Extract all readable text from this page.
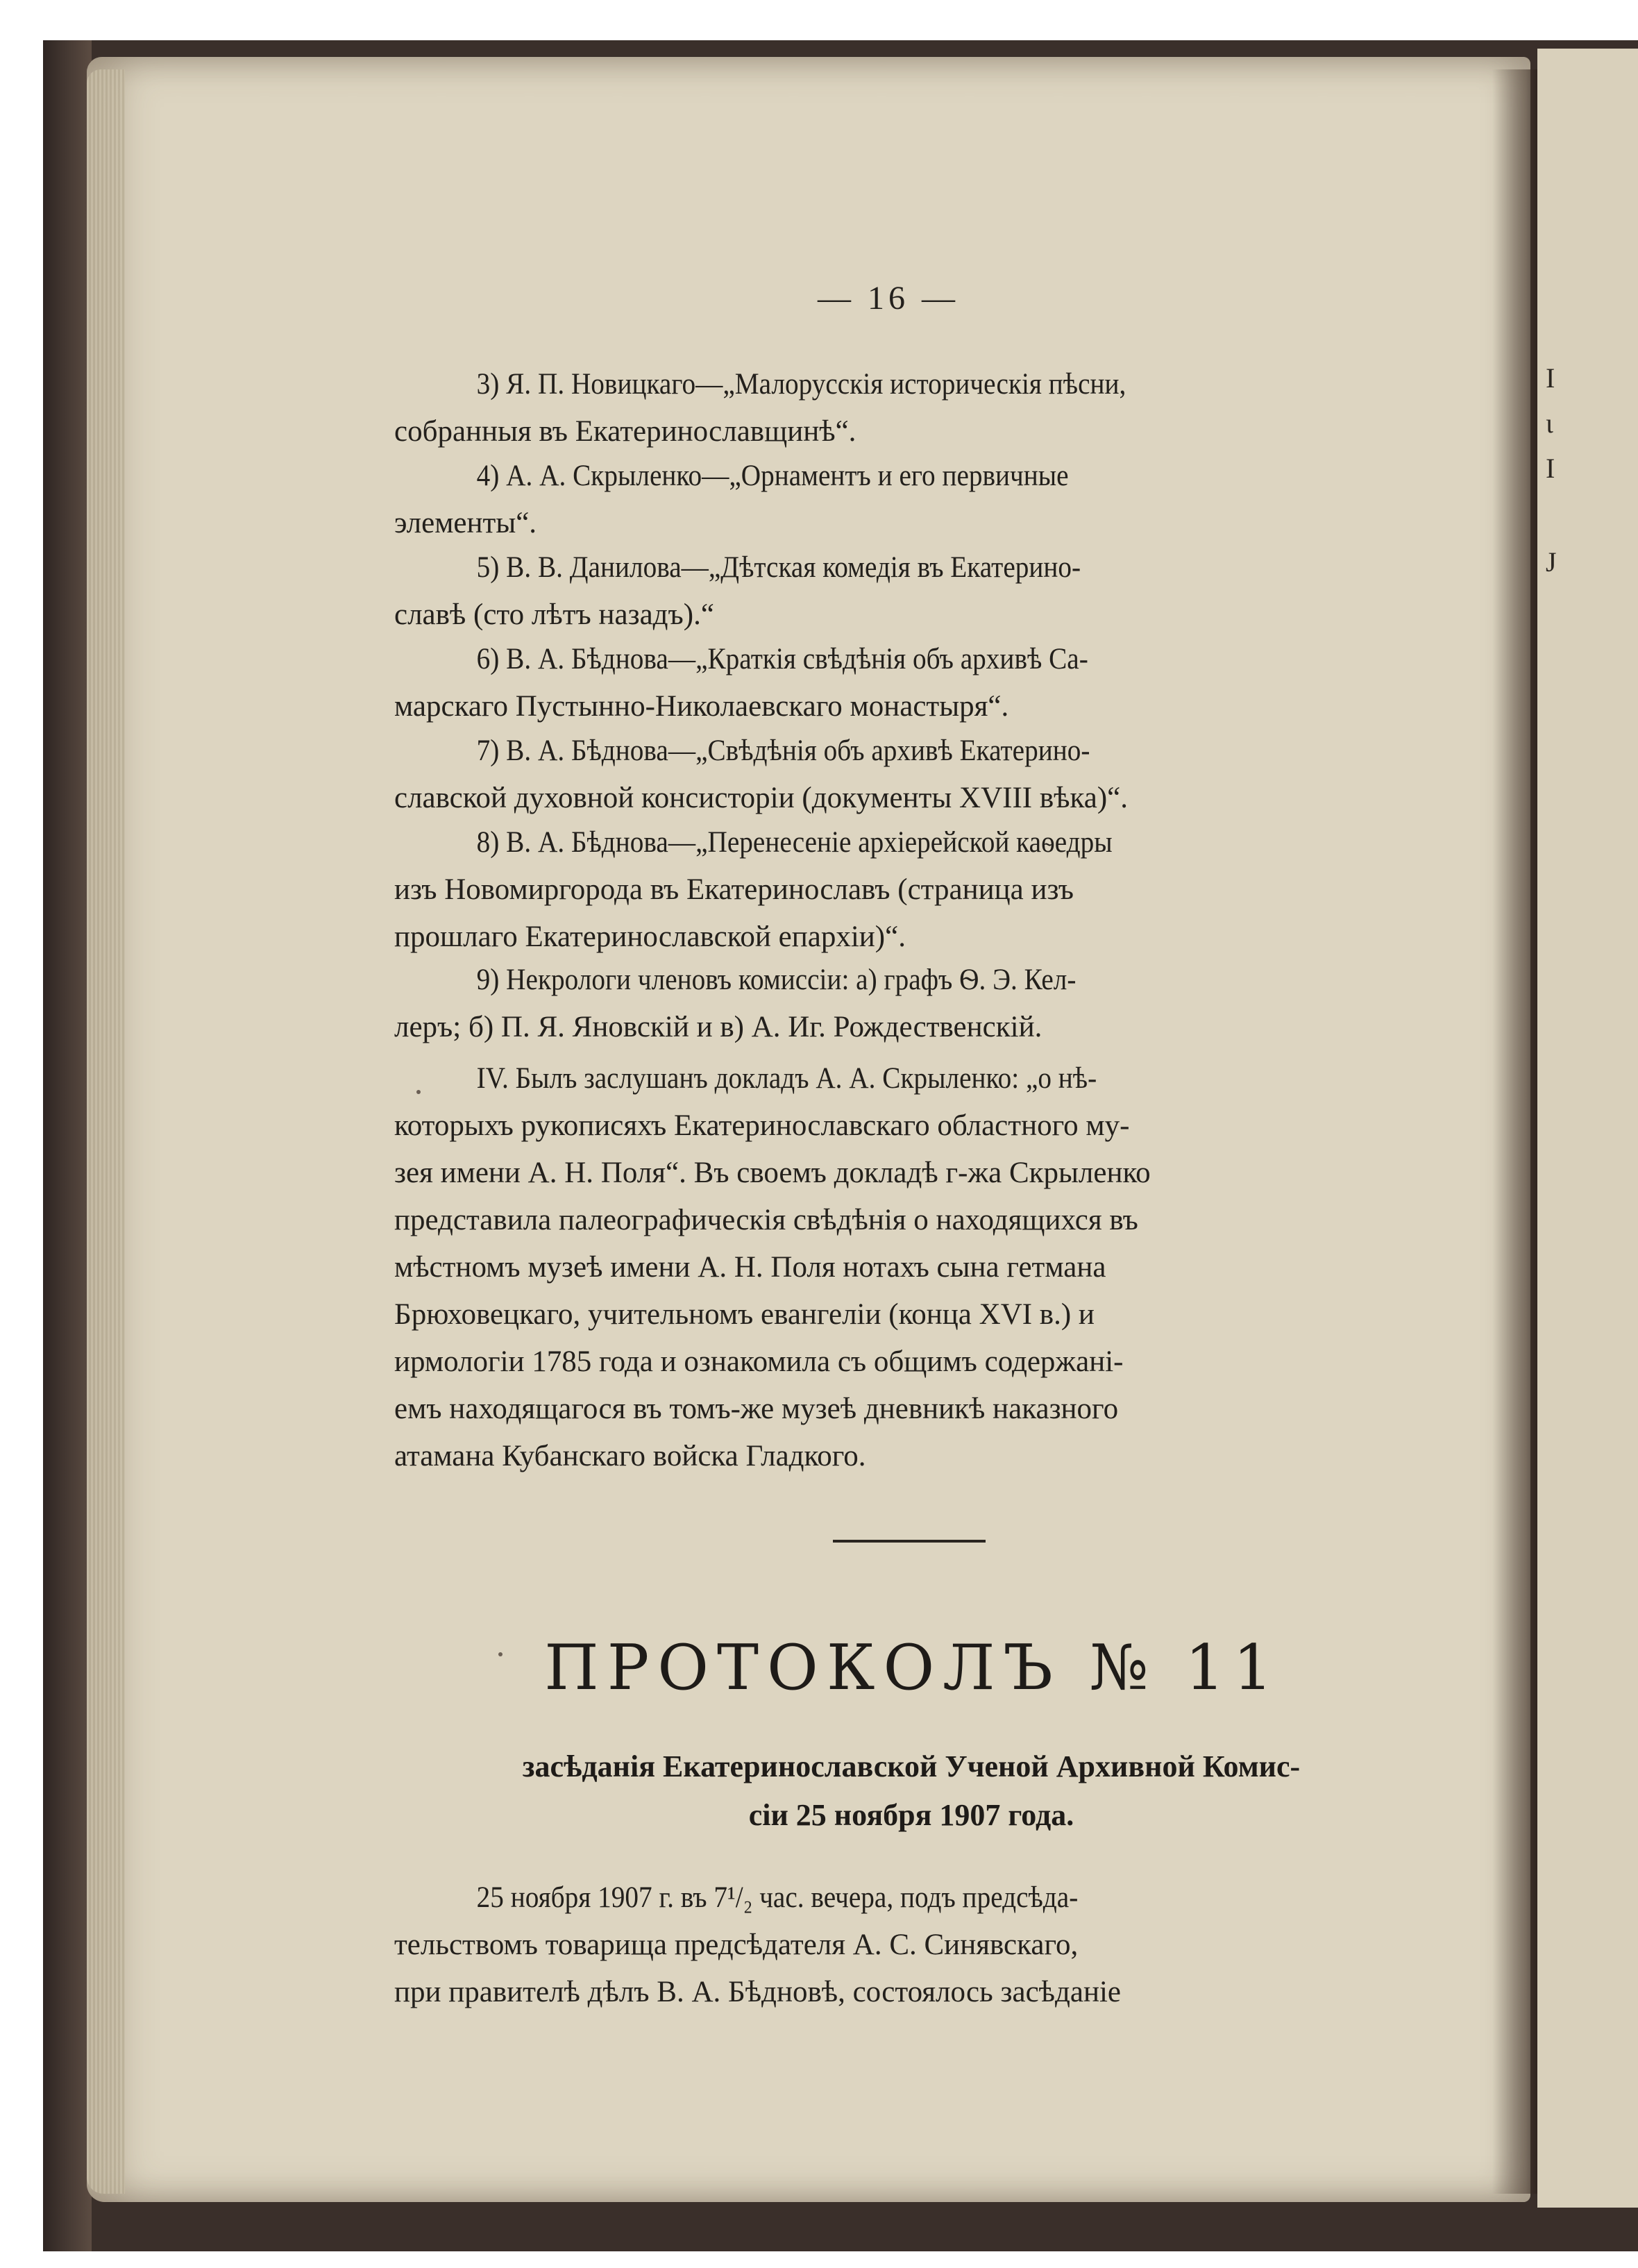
I
ι
I
J
— 16 —
3) Я. П. Новицкаго—„Малорусскія историческія пѣсни,
собранныя въ Екатеринославщинѣ“.
4) А. А. Скрыленко—„Орнаментъ и его первичные
элементы“.
5) В. В. Данилова—„Дѣтская комедія въ Екатерино-
славѣ (сто лѣтъ назадъ).“
6) В. А. Бѣднова—„Краткія свѣдѣнія объ архивѣ Са-
марскаго Пустынно-Николаевскаго монастыря“.
7) В. А. Бѣднова—„Свѣдѣнія объ архивѣ Екатерино-
славской духовной консисторіи (документы XVIII вѣка)“.
8) В. А. Бѣднова—„Перенесеніе архіерейской каѳедры
изъ Новомиргорода въ Екатеринославъ (страница изъ
прошлаго Екатеринославской епархіи)“.
9) Некрологи членовъ комиссіи: а) графъ Ѳ. Э. Кел-
леръ; б) П. Я. Яновскій и в) А. Иг. Рождественскій.
IV. Былъ заслушанъ докладъ А. А. Скрыленко: „о нѣ-
которыхъ рукописяхъ Екатеринославскаго областного му-
зея имени А. Н. Поля“. Въ своемъ докладѣ г-жа Скрыленко
представила палеографическія свѣдѣнія о находящихся въ
мѣстномъ музеѣ имени А. Н. Поля нотахъ сына гетмана
Брюховецкаго, учительномъ евангеліи (конца XVI в.) и
ирмологіи 1785 года и ознакомила съ общимъ содержані-
емъ находящагося въ томъ-же музеѣ дневникѣ наказного
атамана Кубанскаго войска Гладкого.
ПРОТОКОЛЪ № 11
засѣданія Екатеринославской Ученой Архивной Комис-
сіи 25 ноября 1907 года.
25 ноября 1907 г. въ 7¹/₂ час. вечера, подъ предсѣда-
тельствомъ товарища предсѣдателя А. С. Синявскаго,
при правителѣ дѣлъ В. А. Бѣдновѣ, состоялось засѣданіе
